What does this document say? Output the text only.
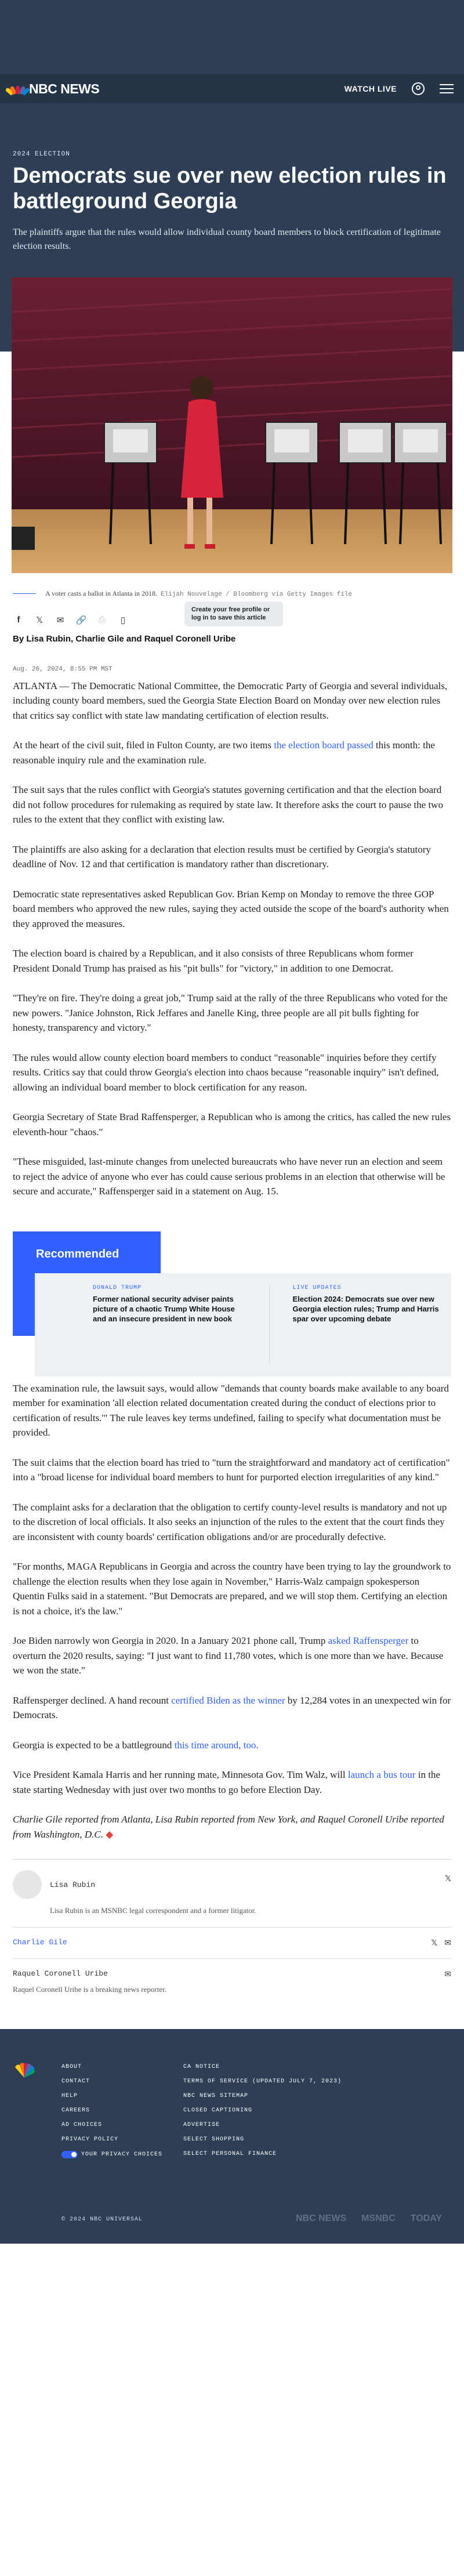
NBC NEWS	WATCH LIVE
2024 ELECTION
Democrats sue over new election rules in battleground Georgia

The plaintiffs argue that the rules would allow individual county board members to block certification of legitimate election results.

A voter casts a ballot in Atlanta in 2018. Elijah Nouvelage / Bloomberg via Getty Images file

f	𝕏 ✉ 🔗 ⎙	▯
Create your free profile or log in to save this article
By Lisa Rubin, Charlie Gile and Raquel Coronell Uribe
Aug. 26, 2024, 8:55 PM MST

ATLANTA — The Democratic National Committee, the Democratic Party of Georgia and several individuals, including county board members, sued the Georgia State Election Board on Monday over new election rules that critics say conflict with state law mandating certification of election results.

At the heart of the civil suit, filed in Fulton County, are two items the election board passed this month: the reasonable inquiry rule and the examination rule.

The suit says that the rules conflict with Georgia's statutes governing certification and that the election board did not follow procedures for rulemaking as required by state law. It therefore asks the court to pause the two rules to the extent that they conflict with existing law.

The plaintiffs are also asking for a declaration that election results must be certified by Georgia's statutory deadline of Nov. 12 and that certification is mandatory rather than discretionary.

Democratic state representatives asked Republican Gov. Brian Kemp on Monday to remove the three GOP board members who approved the new rules, saying they acted outside the scope of the board's authority when they approved the measures.

The election board is chaired by a Republican, and it also consists of three Republicans whom former President Donald Trump has praised as his "pit bulls" for "victory," in addition to one Democrat.

"They're on fire. They're doing a great job," Trump said at the rally of the three Republicans who voted for the new powers. "Janice Johnston, Rick Jeffares and Janelle King, three people are all pit bulls fighting for honesty, transparency and victory."

The rules would allow county election board members to conduct "reasonable" inquiries before they certify results. Critics say that could throw Georgia's election into chaos because "reasonable inquiry" isn't defined, allowing an individual board member to block certification for any reason.

Georgia Secretary of State Brad Raffensperger, a Republican who is among the critics, has called the new rules eleventh-hour "chaos."

"These misguided, last-minute changes from unelected bureaucrats who have never run an election and seem to reject the advice of anyone who ever has could cause serious problems in an election that otherwise will be secure and accurate," Raffensperger said in a statement on Aug. 15.

Recommended
DONALD TRUMP
Former national security adviser paints picture of a chaotic Trump White House and an insecure president in new book
LIVE UPDATES
Election 2024: Democrats sue over new Georgia election rules; Trump and Harris spar over upcoming debate

The examination rule, the lawsuit says, would allow "demands that county boards make available to any board member for examination 'all election related documentation created during the conduct of elections prior to certification of results.'" The rule leaves key terms undefined, failing to specify what documentation must be provided.

The suit claims that the election board has tried to "turn the straightforward and mandatory act of certification" into a "broad license for individual board members to hunt for purported election irregularities of any kind."

The complaint asks for a declaration that the obligation to certify county-level results is mandatory and not up to the discretion of local officials. It also seeks an injunction of the rules to the extent that the court finds they are inconsistent with county boards' certification obligations and/or are procedurally defective.

"For months, MAGA Republicans in Georgia and across the country have been trying to lay the groundwork to challenge the election results when they lose again in November," Harris-Walz campaign spokesperson Quentin Fulks said in a statement. "But Democrats are prepared, and we will stop them. Certifying an election is not a choice, it's the law."

Joe Biden narrowly won Georgia in 2020. In a January 2021 phone call, Trump asked Raffensperger to overturn the 2020 results, saying: "I just want to find 11,780 votes, which is one more than we have. Because we won the state."

Raffensperger declined. A hand recount certified Biden as the winner by 12,284 votes in an unexpected win for Democrats.

Georgia is expected to be a battleground this time around, too.

Vice President Kamala Harris and her running mate, Minnesota Gov. Tim Walz, will launch a bus tour in the state starting Wednesday with just over two months to go before Election Day.

Charlie Gile reported from Atlanta, Lisa Rubin reported from New York, and Raquel Coronell Uribe reported from Washington, D.C. ◆

Lisa Rubin

Lisa Rubin is an MSNBC legal correspondent and a former litigator.

𝕏
Charlie Gile	𝕏 ✉
Raquel Coronell Uribe

Raquel Coronell Uribe is a breaking news reporter.

✉
ABOUT
CONTACT
HELP
CAREERS
AD CHOICES
PRIVACY POLICY
YOUR PRIVACY CHOICES
CA NOTICE
TERMS OF SERVICE (UPDATED JULY 7, 2023)
NBC NEWS SITEMAP
CLOSED CAPTIONING
ADVERTISE
SELECT SHOPPING
SELECT PERSONAL FINANCE
© 2024 NBC UNIVERSAL	NBC NEWS MSNBC TODAY
